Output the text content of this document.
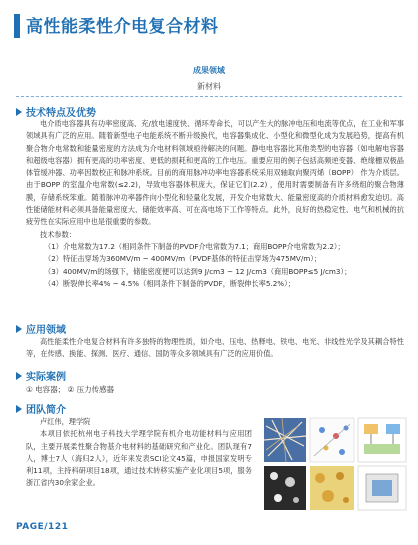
高性能柔性介电复合材料
成果领域
新材料
技术特点及优势

电介质电容器具有功率密度高、充/放电速度快、循环寿命长，可以产生大的脉冲电压和电流等优点，在工业和军事领域具有广泛的应用。随着新型电子电能系统不断升级换代，电容器集成化、小型化和微型化成为发展趋势，提高有机聚合物介电常数和能量密度的方法成为介电材料领域亟待解决的问题。静电电容器比其他类型的电容器（如电解电容器和超级电容器）拥有更高的功率密度、更低的损耗和更高的工作电压。重要应用的例子包括高频逆变器、绝缘栅双极晶体管缓冲器、功率因数校正和脉冲系统。目前的商用脉冲功率电容器系统采用双轴取向聚丙烯（BOPP） 作为介质层。由于BOPP 的室温介电常数(≤2.2)，导致电容器体积庞大，保证它们(2.2) ，使用时需要制备有许多绕组的聚合物薄膜，存储系统笨重。随着脉冲功率器件向小型化和轻量化发展，开发介电常数大、能量密度高的介质材料愈发迫切。高性能储能材料必须具备能量密度大、储能效率高、可在高电场下工作等特点。此外，良好的热稳定性、电气和机械的抗疲劳性在实际应用中也是很重要的参数。

技术参数：

（1）介电常数为17.2（相同条件下制备的PVDF介电常数为7.1；商用BOPP介电常数为2.2）；

（2）特征击穿场为360MV/m ~ 400MV/m（PVDF基体的特征击穿场为475MV/m）；

（3）400MV/m的场强下，储能密度便可以达到9 J/cm3 ~ 12 J/cm3（商用BOPP≤5 J/cm3）；

（4）断裂伸长率4% ~ 4.5%（相同条件下制备的PVDF，断裂伸长率5.2%）；

应用领域

高性能柔性介电复合材料有许多独特的物理性质，如介电、压电、热释电、铁电、电光、非线性光学及其耦合特性等，在传感、换能、探测、医疗、通信、国防等众多领域具有广泛的应用价值。

实际案例
① 电容器； ② 压力传感器
团队简介

卢红伟，理学院

本项目依托杭州电子科技大学理学院有机介电功能材料与应用团队，主要开展柔性聚合物基介电材料的基础研究和产业化。团队现有7人，博士7人（海归2人），近年来发表SCI论文45篇，申报国家发明专利11项，主持科研项目18项，通过技术转移实施产业化项目5项，服务浙江省内30余家企业。

PAGE/121
